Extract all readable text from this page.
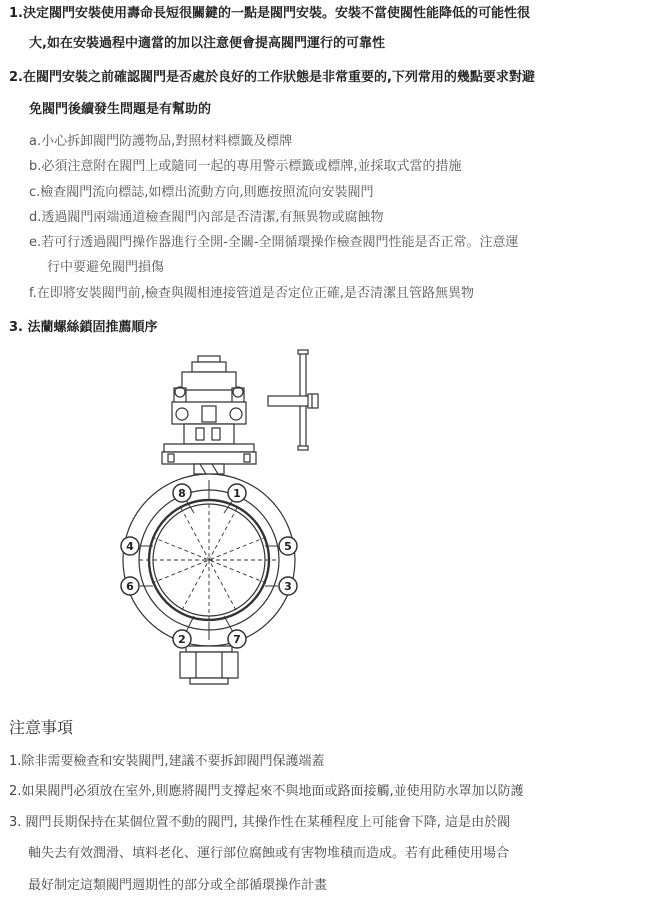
1.決定閥門安裝使用壽命長短很關鍵的一點是閥門安裝。安裝不當使閥性能降低的可能性很
大,如在安裝過程中適當的加以注意便會提高閥門運行的可靠性
2.在閥門安裝之前確認閥門是否處於良好的工作狀態是非常重要的,下列常用的幾點要求對避
免閥門後續發生問題是有幫助的
a.小心拆卸閥門防護物品,對照材料標籤及標牌
b.必須注意附在閥門上或隨同一起的專用警示標籤或標牌,並採取式當的措施
c.檢查閥門流向標誌,如標出流動方向,則應按照流向安裝閥門
d.透過閥門兩端通道檢查閥門內部是否清潔,有無異物或腐蝕物
e.若可行透過閥門操作器進行全開-全關-全開循環操作檢查閥門性能是否正常。注意運
行中要避免閥門損傷
f.在即將安裝閥門前,檢查與閥相連接管道是否定位正確,是否清潔且管路無異物
3. 法蘭螺絲鎖固推薦順序
1
5
3
7
2
6
4
8
注意事項
1.除非需要檢查和安裝閥門,建議不要拆卸閥門保護端蓋
2.如果閥門必須放在室外,則應將閥門支撐起來不與地面或路面接觸,並使用防水罩加以防護
3. 閥門長期保持在某個位置不動的閥門, 其操作性在某種程度上可能會下降, 這是由於閥
軸失去有效潤滑、填料老化、運行部位腐蝕或有害物堆積而造成。若有此種使用場合
最好制定這類閥門週期性的部分或全部循環操作計畫
